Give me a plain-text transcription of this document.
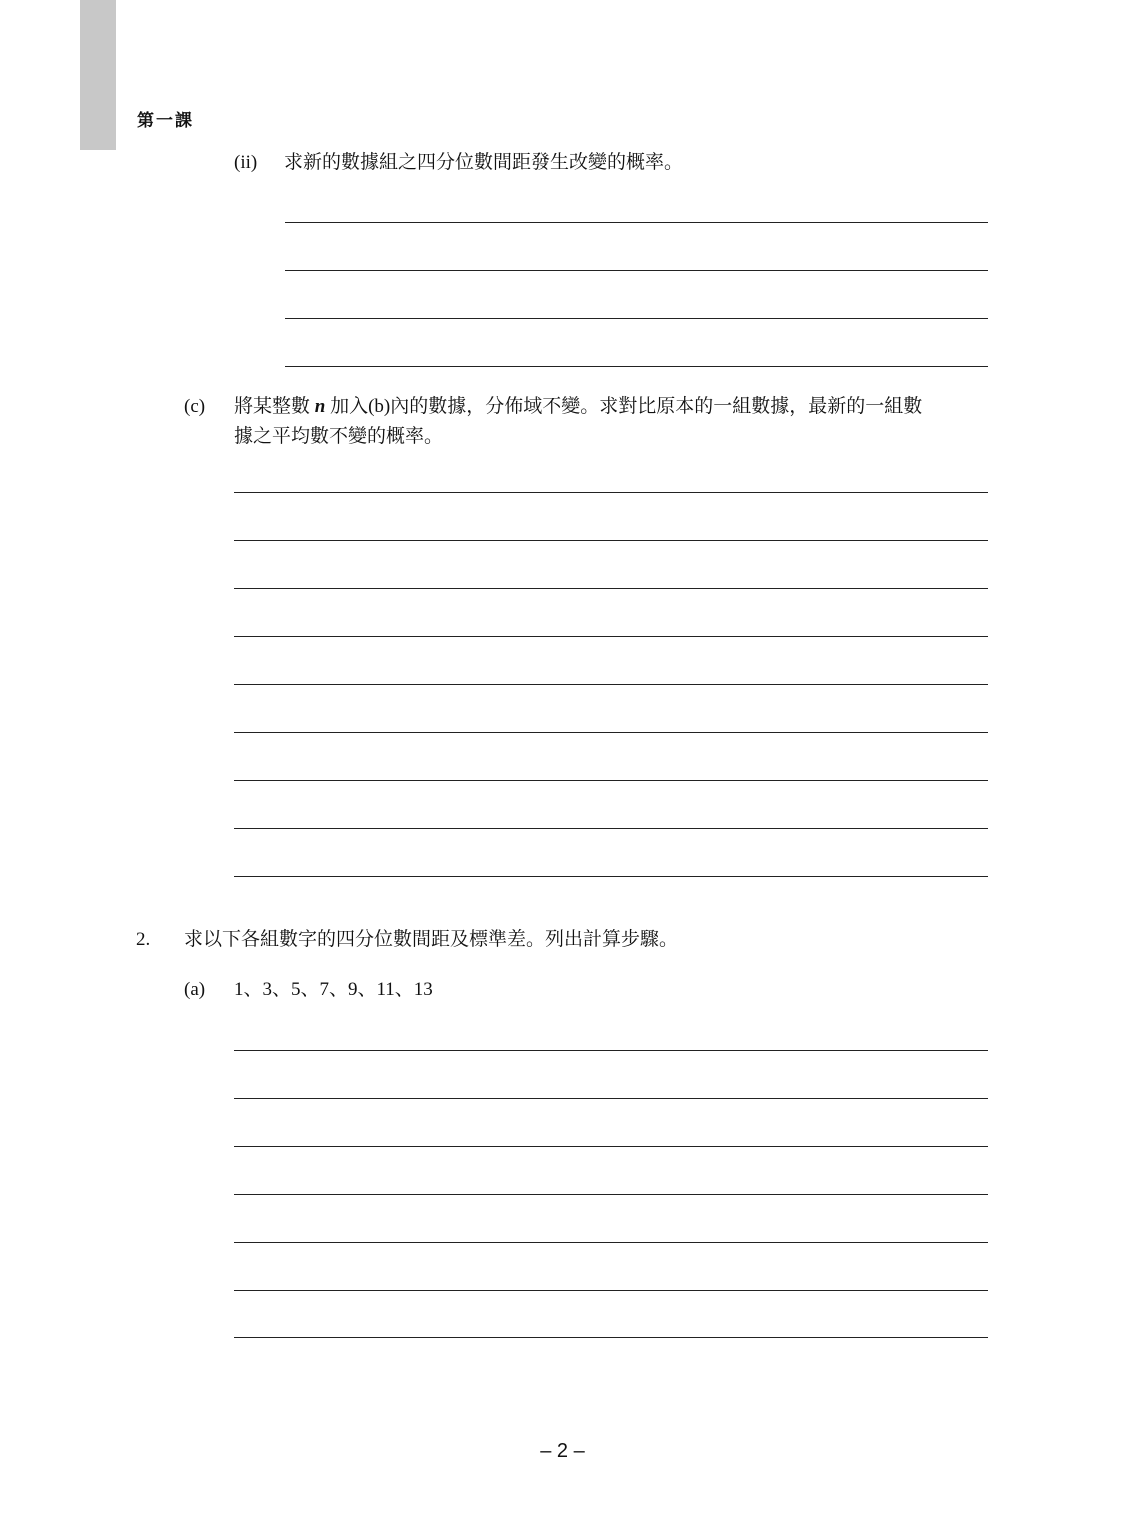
第一課
(ii) 求新的數據組之四分位數間距發生改變的概率。
(c) 將某整數 n 加入(b)內的數據，分佈域不變。求對比原本的一組數據，最新的一組數
據之平均數不變的概率。
2. 求以下各組數字的四分位數間距及標準差。列出計算步驟。
(a) 1、3、5、7、9、11、13
– 2 –
